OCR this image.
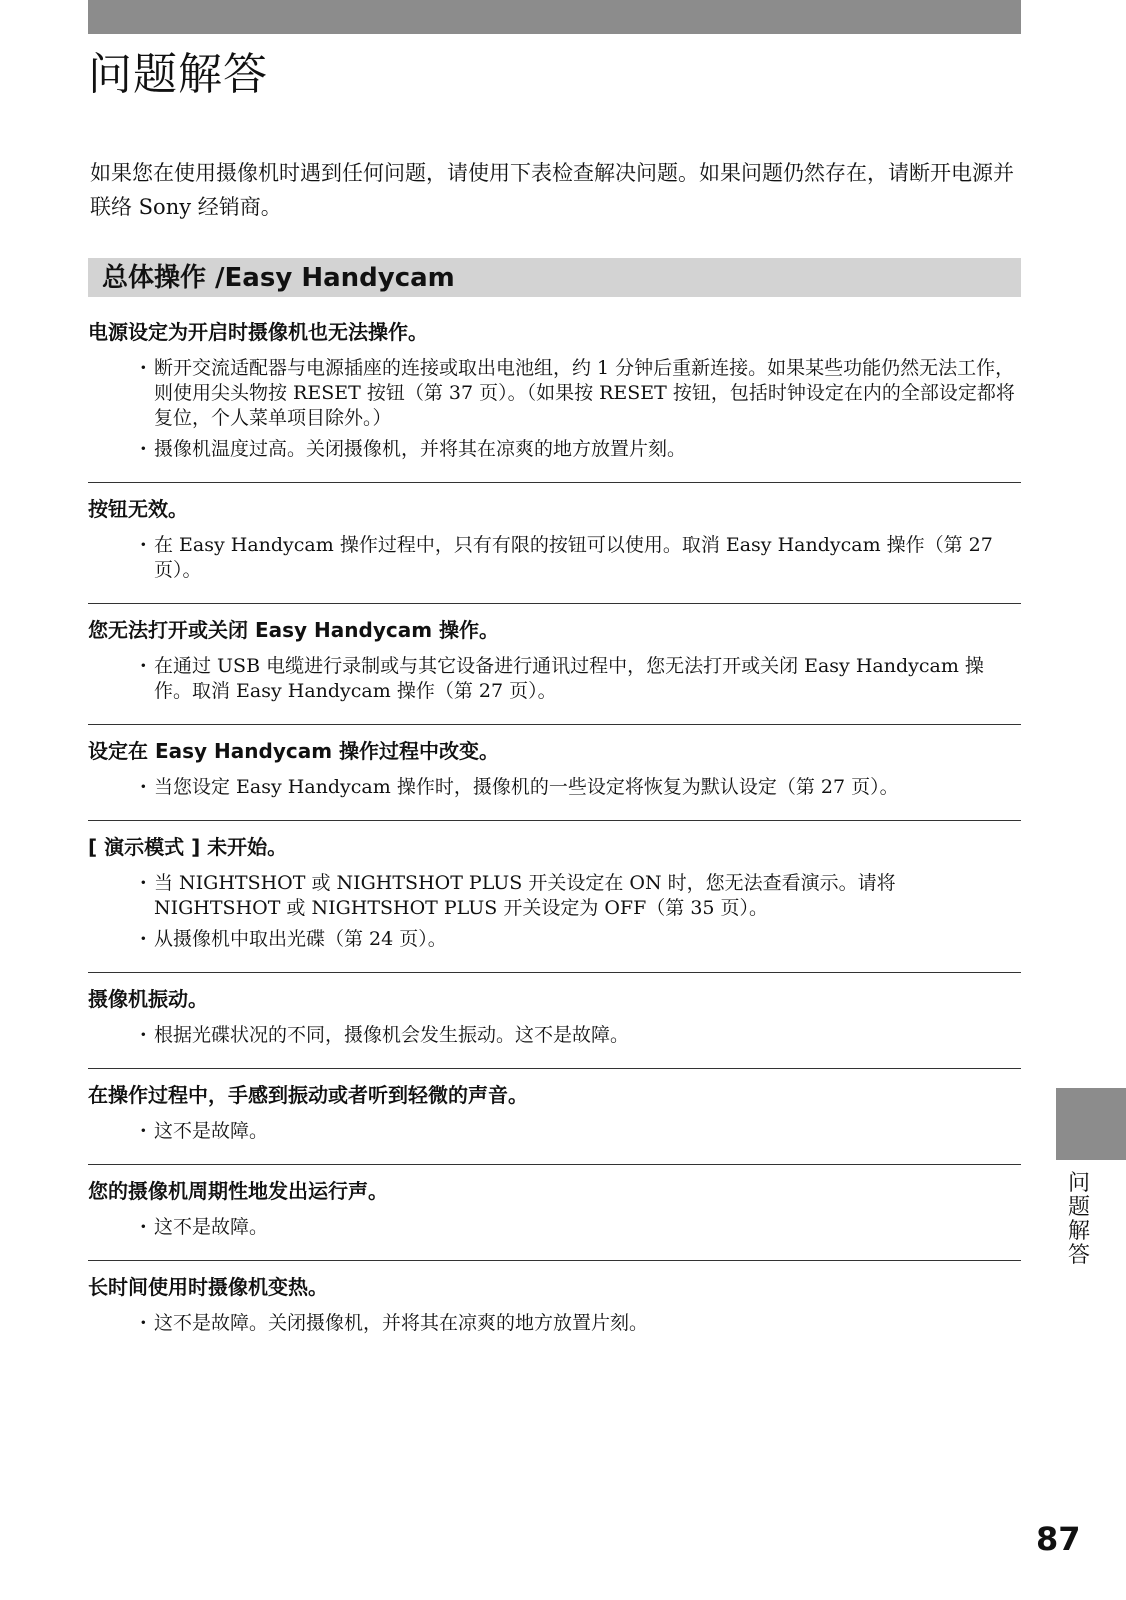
问题解答

如果您在使用摄像机时遇到任何问题，请使用下表检查解决问题。如果问题仍然存在，请断开电源并联络 Sony 经销商。

总体操作 /Easy Handycam

电源设定为开启时摄像机也无法操作。

· 断开交流适配器与电源插座的连接或取出电池组，约 1 分钟后重新连接。如果某些功能仍然无法工作，则使用尖头物按 RESET 按钮（第 37 页）。（如果按 RESET 按钮，包括时钟设定在内的全部设定都将复位，个人菜单项目除外。）
· 摄像机温度过高。关闭摄像机，并将其在凉爽的地方放置片刻。

按钮无效。

· 在 Easy Handycam 操作过程中，只有有限的按钮可以使用。取消 Easy Handycam 操作（第 27 页）。

您无法打开或关闭 Easy Handycam 操作。

· 在通过 USB 电缆进行录制或与其它设备进行通讯过程中，您无法打开或关闭 Easy Handycam 操作。取消 Easy Handycam 操作（第 27 页）。

设定在 Easy Handycam 操作过程中改变。

· 当您设定 Easy Handycam 操作时，摄像机的一些设定将恢复为默认设定（第 27 页）。

[ 演示模式 ] 未开始。

· 当 NIGHTSHOT 或 NIGHTSHOT PLUS 开关设定在 ON 时，您无法查看演示。请将 NIGHTSHOT 或 NIGHTSHOT PLUS 开关设定为 OFF（第 35 页）。
· 从摄像机中取出光碟（第 24 页）。

摄像机振动。

· 根据光碟状况的不同，摄像机会发生振动。这不是故障。

在操作过程中，手感到振动或者听到轻微的声音。

· 这不是故障。

您的摄像机周期性地发出运行声。

· 这不是故障。

长时间使用时摄像机变热。

· 这不是故障。关闭摄像机，并将其在凉爽的地方放置片刻。
问题解答
87
